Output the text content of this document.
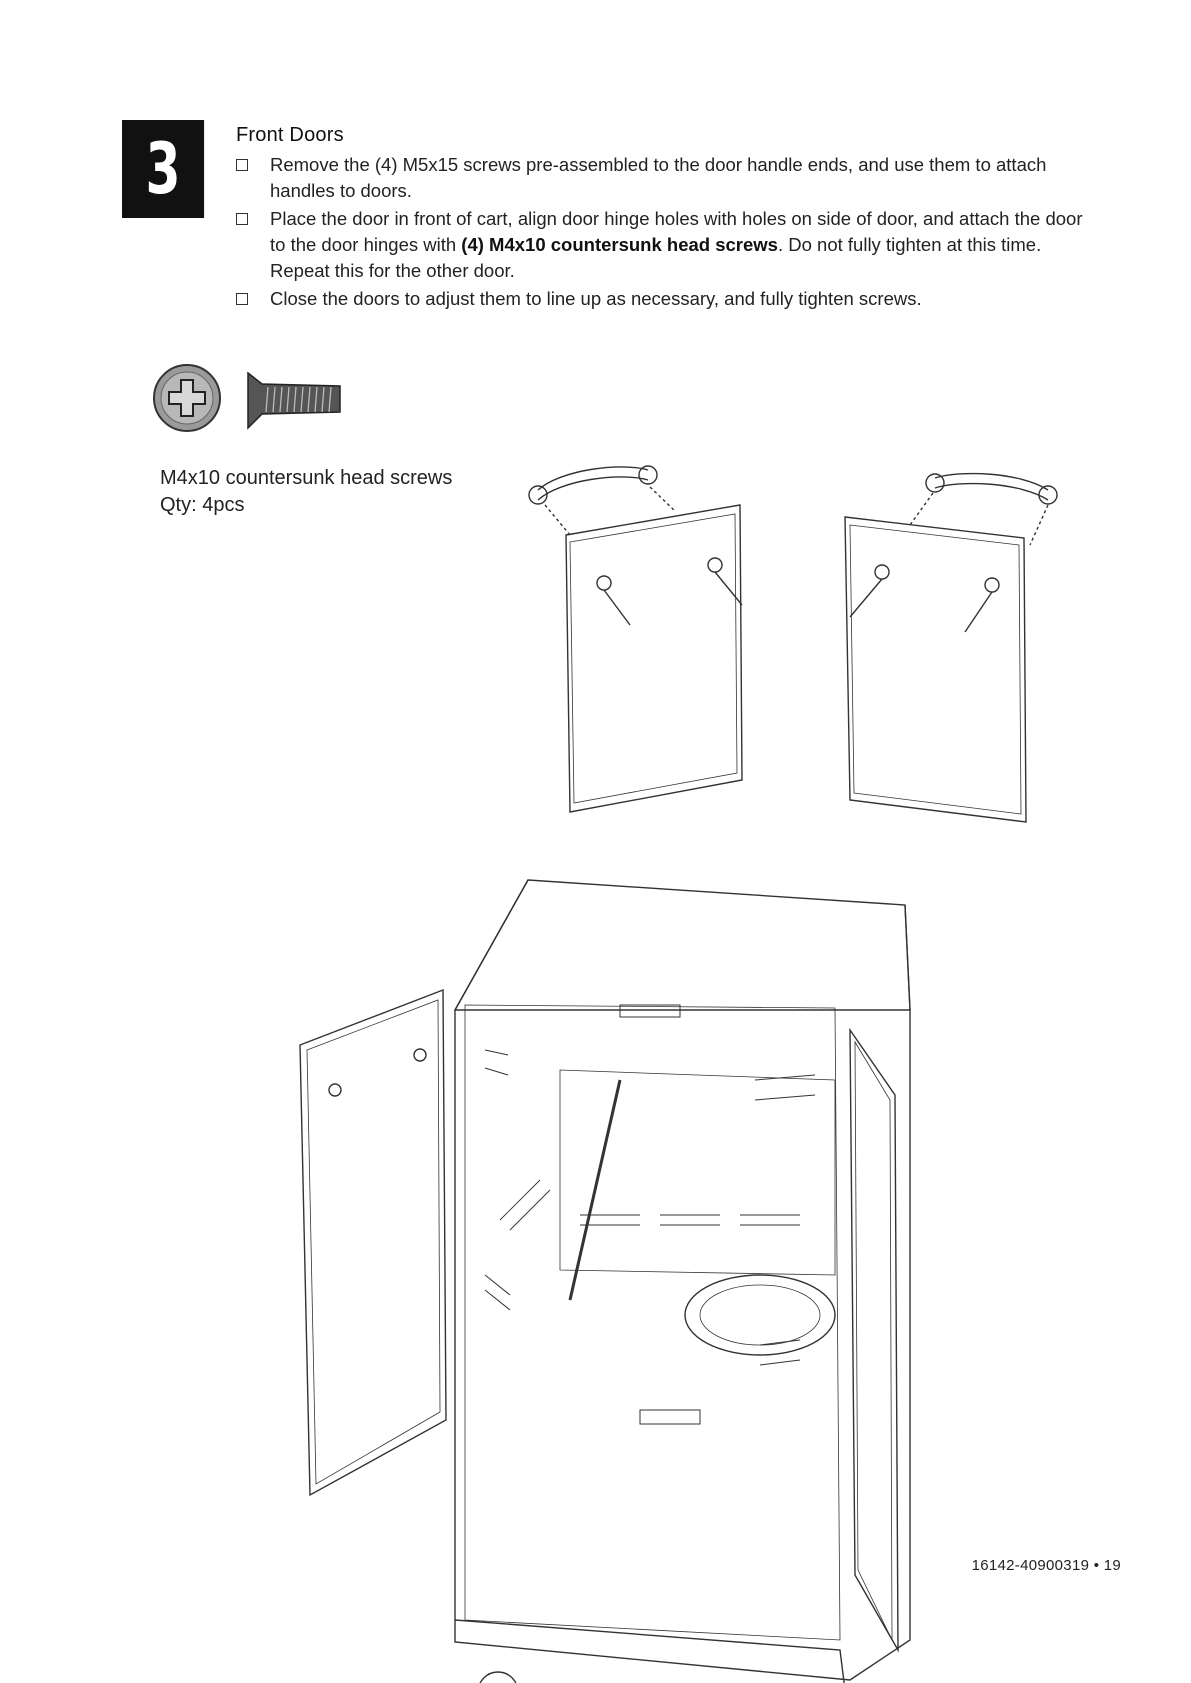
3	Front Doors
Remove the (4) M5x15 screws pre-assembled to the door handle ends, and use them to attach handles to doors.
Place the door in front of cart, align door hinge holes with holes on side of door, and attach the door to the door hinges with (4) M4x10 countersunk head screws. Do not fully tighten at this time. Repeat this for the other door.
Close the doors to adjust them to line up as necessary, and fully tighten screws.
M4x10 countersunk head screws
Qty: 4pcs
16142-40900319 • 19
